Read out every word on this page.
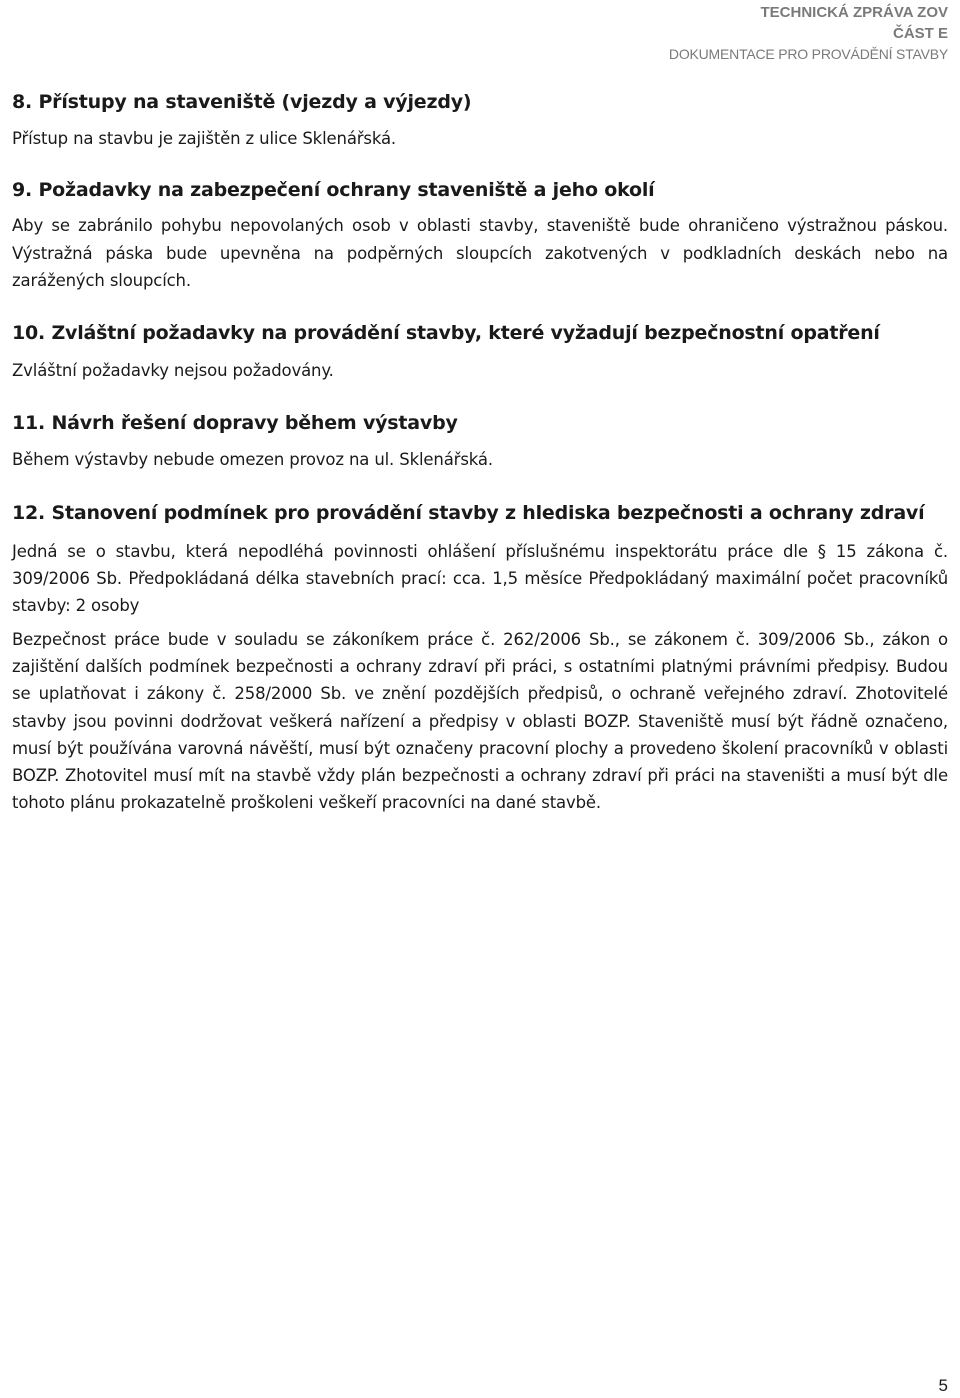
TECHNICKÁ ZPRÁVA ZOV
ČÁST E
DOKUMENTACE PRO PROVÁDĚNÍ STAVBY
8. Přístupy na staveniště (vjezdy a výjezdy)

Přístup na stavbu je zajištěn z ulice Sklenářská.

9. Požadavky na zabezpečení ochrany staveniště a jeho okolí

Aby se zabránilo pohybu nepovolaných osob v oblasti stavby, staveniště bude ohraničeno výstražnou páskou. Výstražná páska bude upevněna na podpěrných sloupcích zakotvených v podkladních deskách nebo na zarážených sloupcích.

10. Zvláštní požadavky na provádění stavby, které vyžadují bezpečnostní opatření

Zvláštní požadavky nejsou požadovány.

11. Návrh řešení dopravy během výstavby

Během výstavby nebude omezen provoz na ul. Sklenářská.

12. Stanovení podmínek pro provádění stavby z hlediska bezpečnosti a ochrany zdraví

Jedná se o stavbu, která nepodléhá povinnosti ohlášení příslušnému inspektorátu práce dle § 15 zákona č. 309/2006 Sb. Předpokládaná délka stavebních prací: cca. 1,5 měsíce Předpokládaný maximální počet pracovníků stavby: 2 osoby

Bezpečnost práce bude v souladu se zákoníkem práce č. 262/2006 Sb., se zákonem č. 309/2006 Sb., zákon o zajištění dalších podmínek bezpečnosti a ochrany zdraví při práci, s ostatními platnými právními předpisy. Budou se uplatňovat i zákony č. 258/2000 Sb. ve znění pozdějších předpisů, o ochraně veřejného zdraví. Zhotovitelé stavby jsou povinni dodržovat veškerá nařízení a předpisy v oblasti BOZP. Staveniště musí být řádně označeno, musí být používána varovná návěští, musí být označeny pracovní plochy a provedeno školení pracovníků v oblasti BOZP. Zhotovitel musí mít na stavbě vždy plán bezpečnosti a ochrany zdraví při práci na staveništi a musí být dle tohoto plánu prokazatelně proškoleni veškeří pracovníci na dané stavbě.

5
